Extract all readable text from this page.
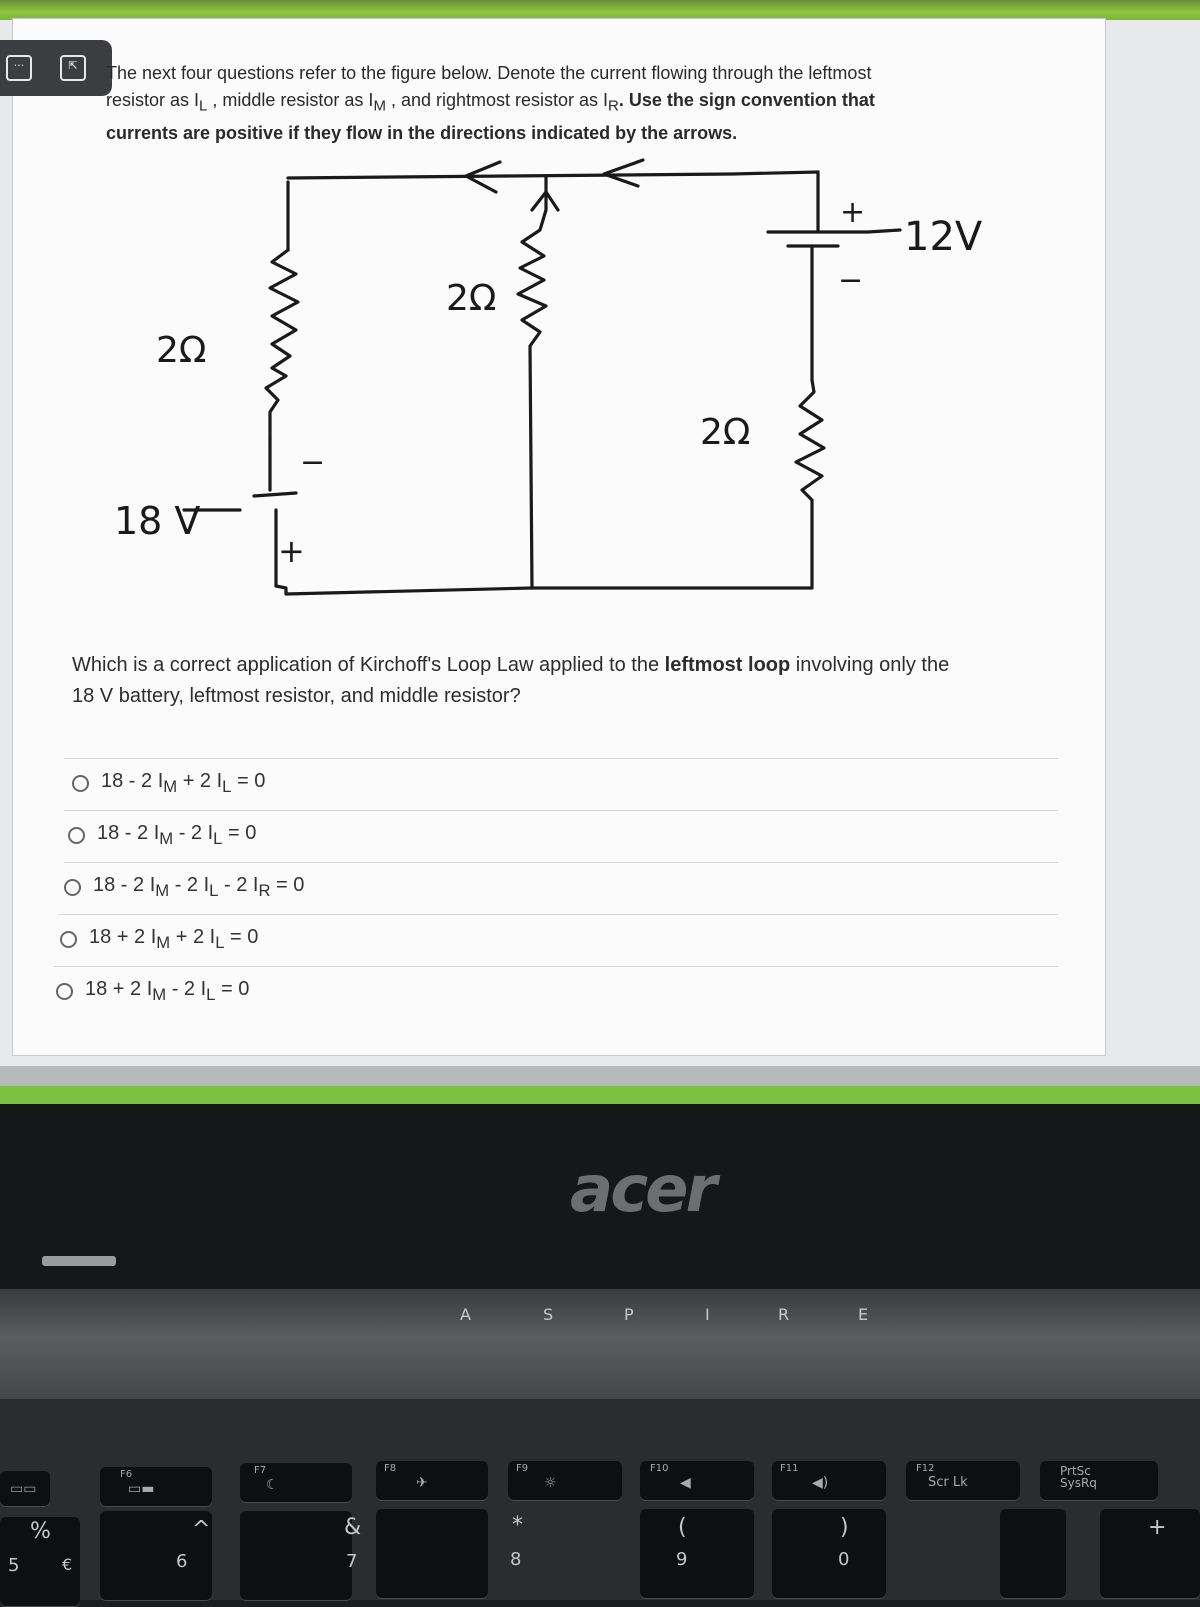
···	⇱	The next four questions refer to the figure below. Denote the current flowing through the leftmost
resistor as $I_L$ , middle resistor as $I_M$ , and rightmost resistor as $I_R$. Use the sign convention that
currents are positive if they flow in the directions indicated by the arrows.
2Ω
2Ω
2Ω
18 V
12V
+
−
+
−
Which is a correct application of Kirchoff's Loop Law applied to the leftmost loop involving only the
18 V battery, leftmost resistor, and middle resistor?
18 - 2 $I_M + 2$ $I_L = 0$
18 - 2 $I_M - 2$ $I_L = 0$
18 - 2 $I_M - 2$ $I_L - 2$ $I_R = 0$
18 + 2 $I_M + 2$ $I_L = 0$
18 + 2 $I_M - 2$ $I_L = 0$
acer
A	S	P	I	R	E
▭▭
F6
▭▬
F7
☾
F8
✈
F9
☼
F10
◀
F11
◀)
F12
Scr Lk
PrtSc SysRq
%
5	€
^
6
&
7
*
8
(
9
)
0
+
